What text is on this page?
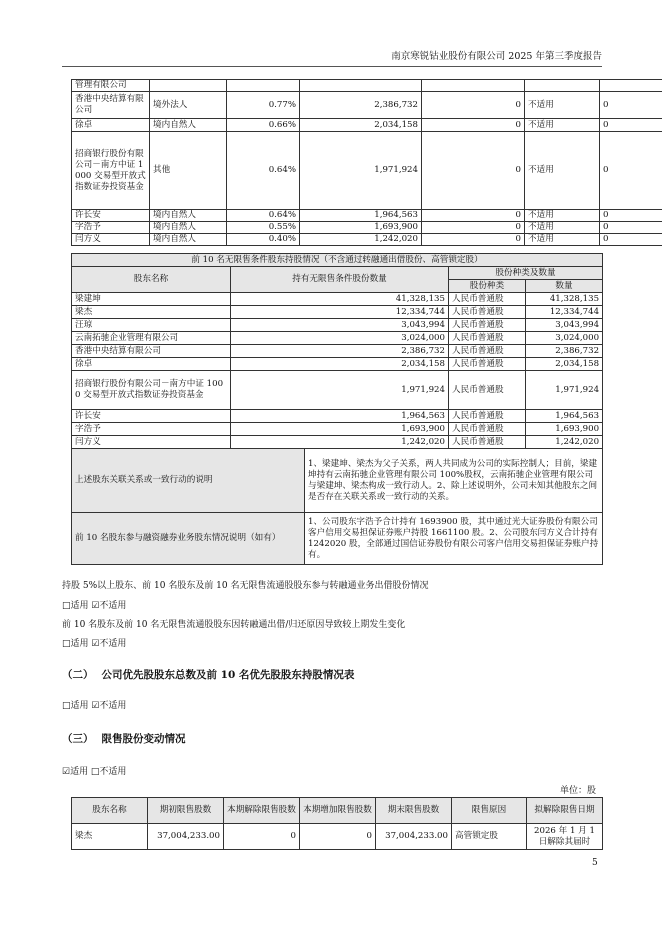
南京寒锐钴业股份有限公司 2025 年第三季度报告
管理有限公司						
香港中央结算有限公司	境外法人	0.77%	2,386,732	0	不适用	0
徐卓	境内自然人	0.66%	2,034,158	0	不适用	0
招商银行股份有限公司－南方中证 1000 交易型开放式指数证券投资基金	其他	0.64%	1,971,924	0	不适用	0
许长安	境内自然人	0.64%	1,964,563	0	不适用	0
字浩予	境内自然人	0.55%	1,693,900	0	不适用	0
闫方义	境内自然人	0.40%	1,242,020	0	不适用	0
前 10 名无限售条件股东持股情况（不含通过转融通出借股份、高管锁定股）				
股东名称	持有无限售条件股份数量		股份种类及数量	
			股份种类	数量
梁建坤	41,328,135		人民币普通股	41,328,135
梁杰	12,334,744		人民币普通股	12,334,744
汪琼	3,043,994		人民币普通股	3,043,994
云南拓驰企业管理有限公司	3,024,000		人民币普通股	3,024,000
香港中央结算有限公司	2,386,732		人民币普通股	2,386,732
徐卓	2,034,158		人民币普通股	2,034,158
招商银行股份有限公司－南方中证 1000 交易型开放式指数证券投资基金	1,971,924		人民币普通股	1,971,924
许长安	1,964,563		人民币普通股	1,964,563
字浩予	1,693,900		人民币普通股	1,693,900
闫方义	1,242,020		人民币普通股	1,242,020
上述股东关联关系或一致行动的说明		1、梁建坤、梁杰为父子关系，两人共同成为公司的实际控制人；目前，梁建坤持有云南拓驰企业管理有限公司 100%股权，云南拓驰企业管理有限公司与梁建坤、梁杰构成一致行动人。2、除上述说明外，公司未知其他股东之间是否存在关联关系或一致行动的关系。		
前 10 名股东参与融资融券业务股东情况说明（如有）		1、公司股东字浩予合计持有 1693900 股，其中通过光大证券股份有限公司客户信用交易担保证券账户持股 1661100 股。2、公司股东闫方义合计持有 1242020 股，全部通过国信证券股份有限公司客户信用交易担保证券账户持有。		
持股 5%以上股东、前 10 名股东及前 10 名无限售流通股股东参与转融通业务出借股份情况
□适用 ☑不适用
前 10 名股东及前 10 名无限售流通股股东因转融通出借/归还原因导致较上期发生变化
□适用 ☑不适用
（二） 公司优先股股东总数及前 10 名优先股股东持股情况表
□适用 ☑不适用
（三） 限售股份变动情况
☑适用 □不适用
单位：股
股东名称	期初限售股数	本期解除限售股数	本期增加限售股数	期末限售股数	限售原因	拟解除限售日期
梁杰	37,004,233.00	0	0	37,004,233.00	高管锁定股	2026 年 1 月 1 日解除其届时
5
